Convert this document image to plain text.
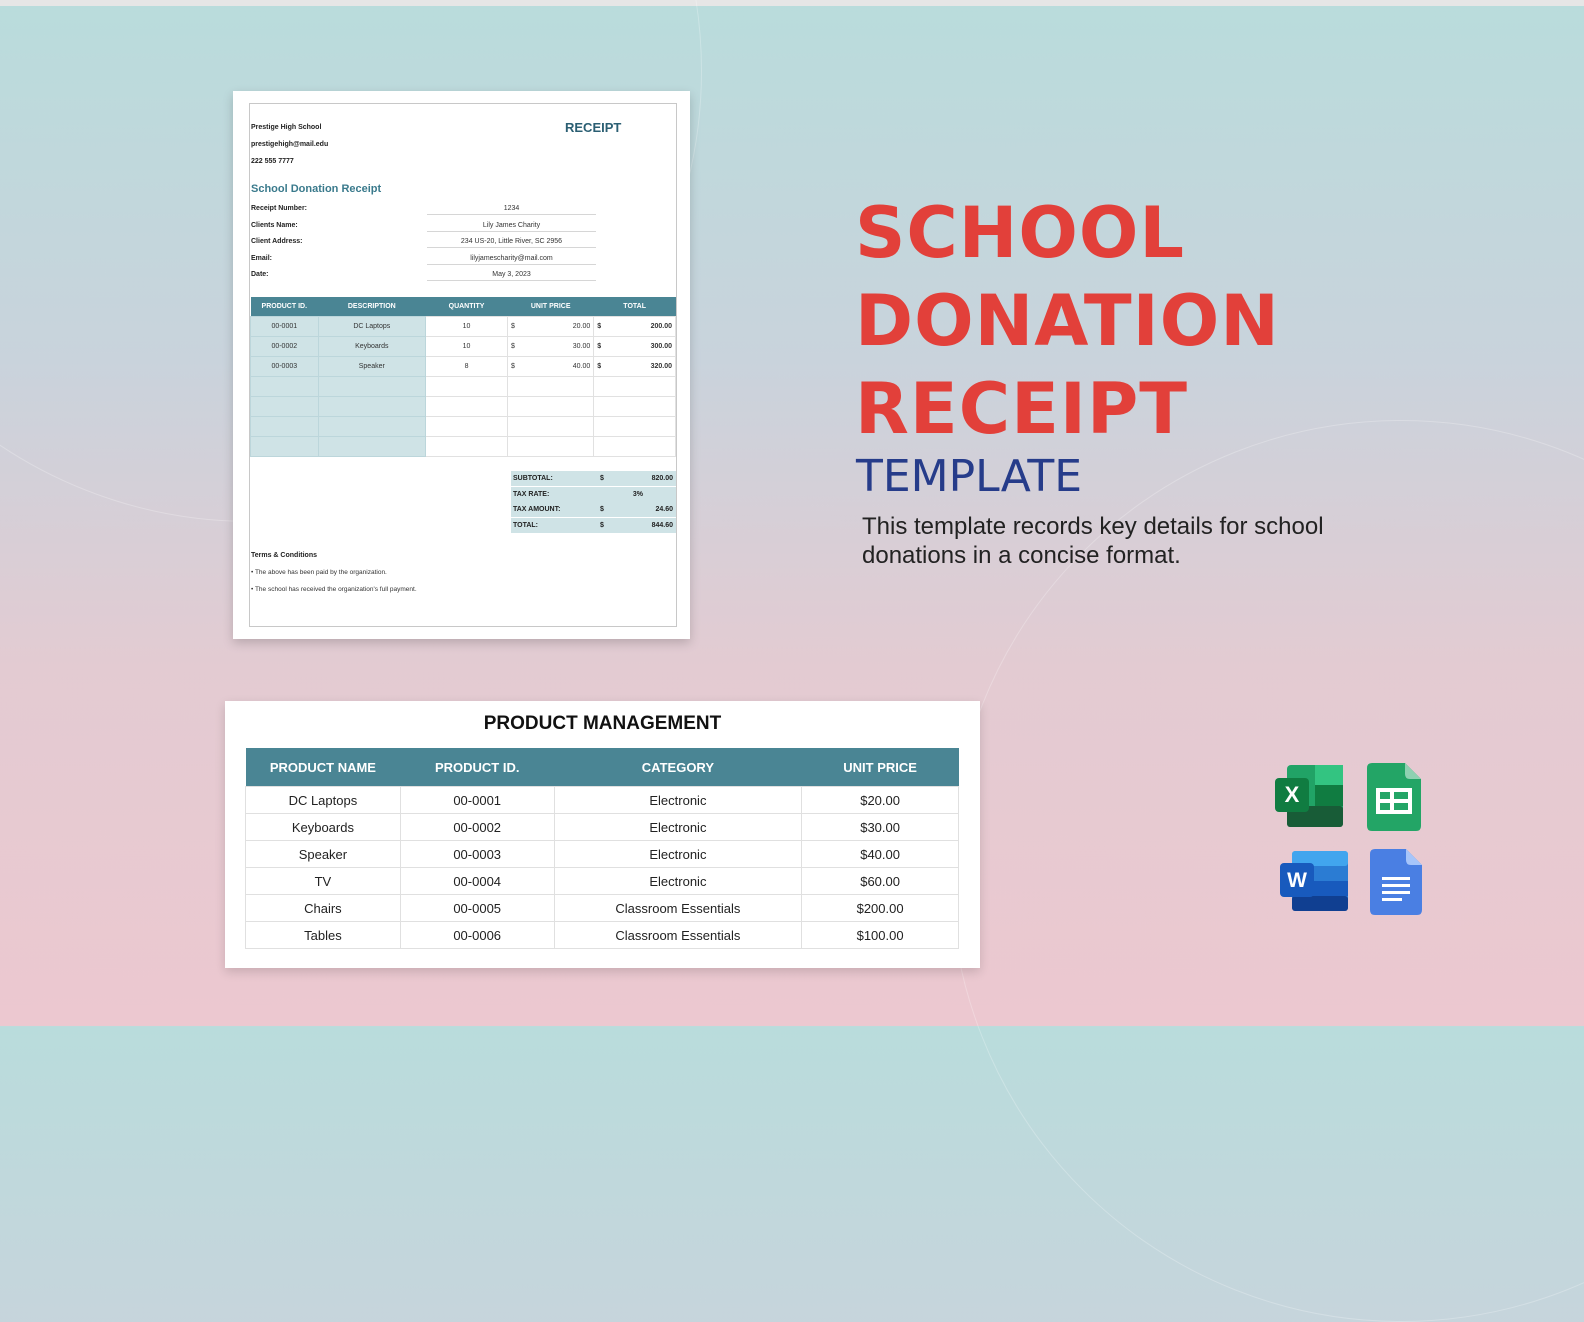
Prestige High School
prestigehigh@mail.edu
222 555 7777
RECEIPT
School Donation Receipt
Receipt Number:	1234
Clients Name:	Lily James Charity
Client Address:	234 US-20, Little River, SC 2956
Email:	lilyjamescharity@mail.com
Date:	May 3, 2023
PRODUCT ID.	DESCRIPTION	QUANTITY	UNIT PRICE		TOTAL	
00-0001	DC Laptops	10	$	20.00	$	200.00
00-0002	Keyboards	10	$	30.00	$	300.00
00-0003	Speaker	8	$	40.00	$	320.00

SUBTOTAL:	$	820.00
TAX RATE:	3%
TAX AMOUNT:	$	24.60
TOTAL:	$	844.60
Terms & Conditions
• The above has been paid by the organization.
• The school has received the organization's full payment.
SCHOOL
DONATION
RECEIPT
TEMPLATE
This template records key details for school donations in a concise format.
PRODUCT MANAGEMENT
PRODUCT NAME	PRODUCT ID.	CATEGORY	UNIT PRICE
DC Laptops	00-0001	Electronic	$20.00
Keyboards	00-0002	Electronic	$30.00
Speaker	00-0003	Electronic	$40.00
TV	00-0004	Electronic	$60.00
Chairs	00-0005	Classroom Essentials	$200.00
Tables	00-0006	Classroom Essentials	$100.00
X
W
